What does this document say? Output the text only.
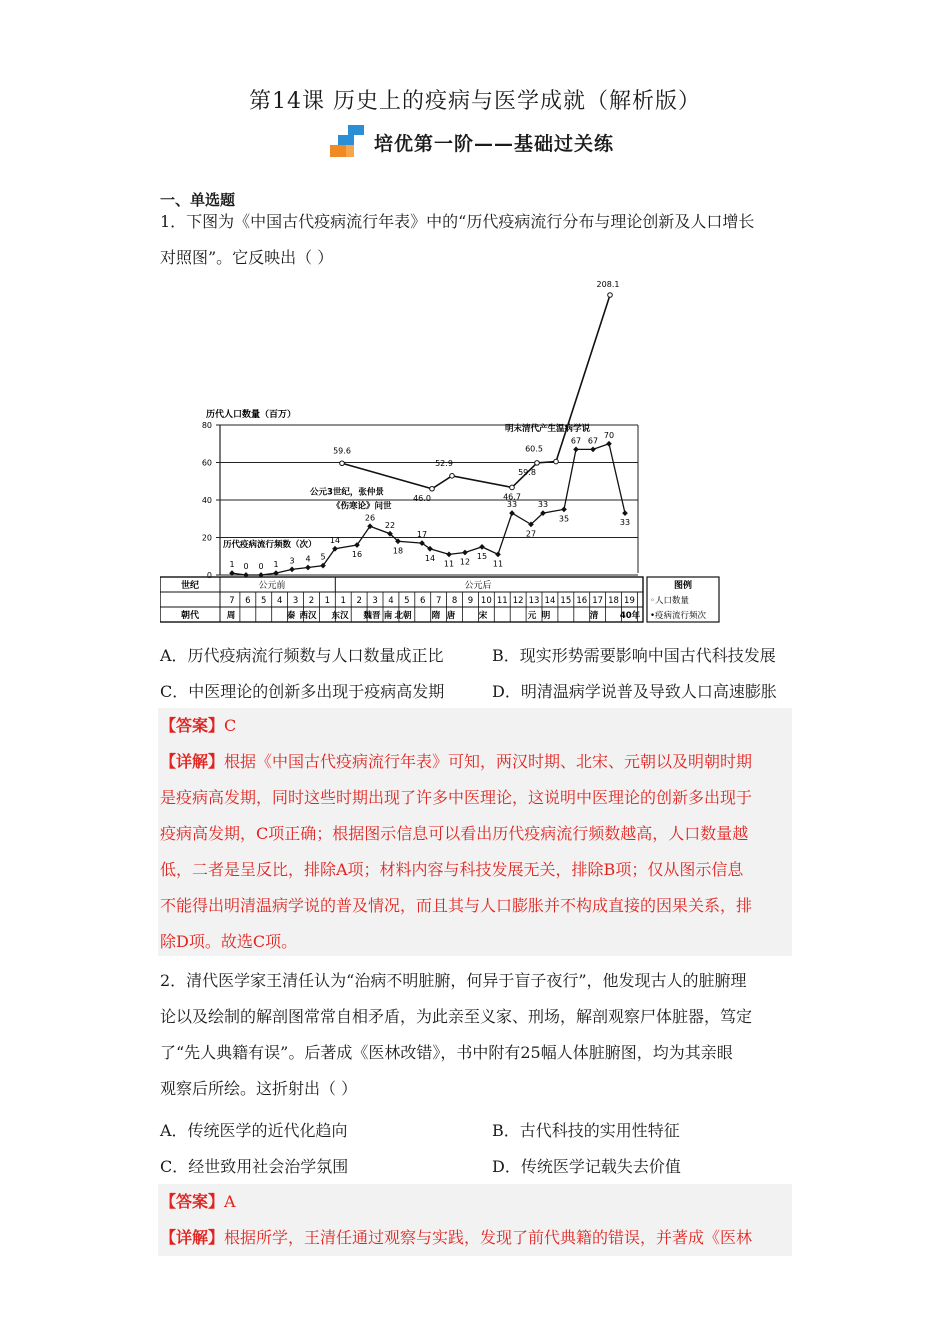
第14课 历史上的疫病与医学成就（解析版）
培优第一阶——基础过关练
一、单选题
1．下图为《中国古代疫病流行年表》中的“历代疫病流行分布与理论创新及人口增长
对照图”。它反映出（ ）
0
20
40
60
80
历代人口数量（百万）
明末清代产生温病学说
公元3世纪，张仲景
《伤寒论》问世
历代疫病流行频数（次）
59.6
46.0
52.9
46.7
59.8
60.5
208.1
1 0 0 1 3 4 5
14
16
26
22
18
17
14
11 12
15
11
33
27
33
35
67 67
70
33
世纪
朝代
公元前	公元后
7 6 5 4 3 2 1 1 2 3 4 5 6 7 8 9 10 11 12 13 14 15 16 17 18 19
周	秦 西汉 东汉 魏晋 南 北朝 隋 唐	宋	元 明	清	40年
图例
◦人口数量
•疫病流行频次
A．历代疫病流行频数与人口数量成正比	B．现实形势需要影响中国古代科技发展
C．中医理论的创新多出现于疫病高发期	D．明清温病学说普及导致人口高速膨胀
【答案】C
【详解】根据《中国古代疫病流行年表》可知，两汉时期、北宋、元朝以及明朝时期
是疫病高发期，同时这些时期出现了许多中医理论，这说明中医理论的创新多出现于
疫病高发期，C项正确；根据图示信息可以看出历代疫病流行频数越高，人口数量越
低，二者是呈反比，排除A项；材料内容与科技发展无关，排除B项；仅从图示信息
不能得出明清温病学说的普及情况，而且其与人口膨胀并不构成直接的因果关系，排
除D项。故选C项。
2．清代医学家王清任认为“治病不明脏腑，何异于盲子夜行”，他发现古人的脏腑理
论以及绘制的解剖图常常自相矛盾，为此亲至义家、刑场，解剖观察尸体脏器，笃定
了“先人典籍有误”。后著成《医林改错》，书中附有25幅人体脏腑图，均为其亲眼
观察后所绘。这折射出（ ）
A．传统医学的近代化趋向	B．古代科技的实用性特征
C．经世致用社会治学氛围	D．传统医学记载失去价值
【答案】A
【详解】根据所学，王清任通过观察与实践，发现了前代典籍的错误，并著成《医林
